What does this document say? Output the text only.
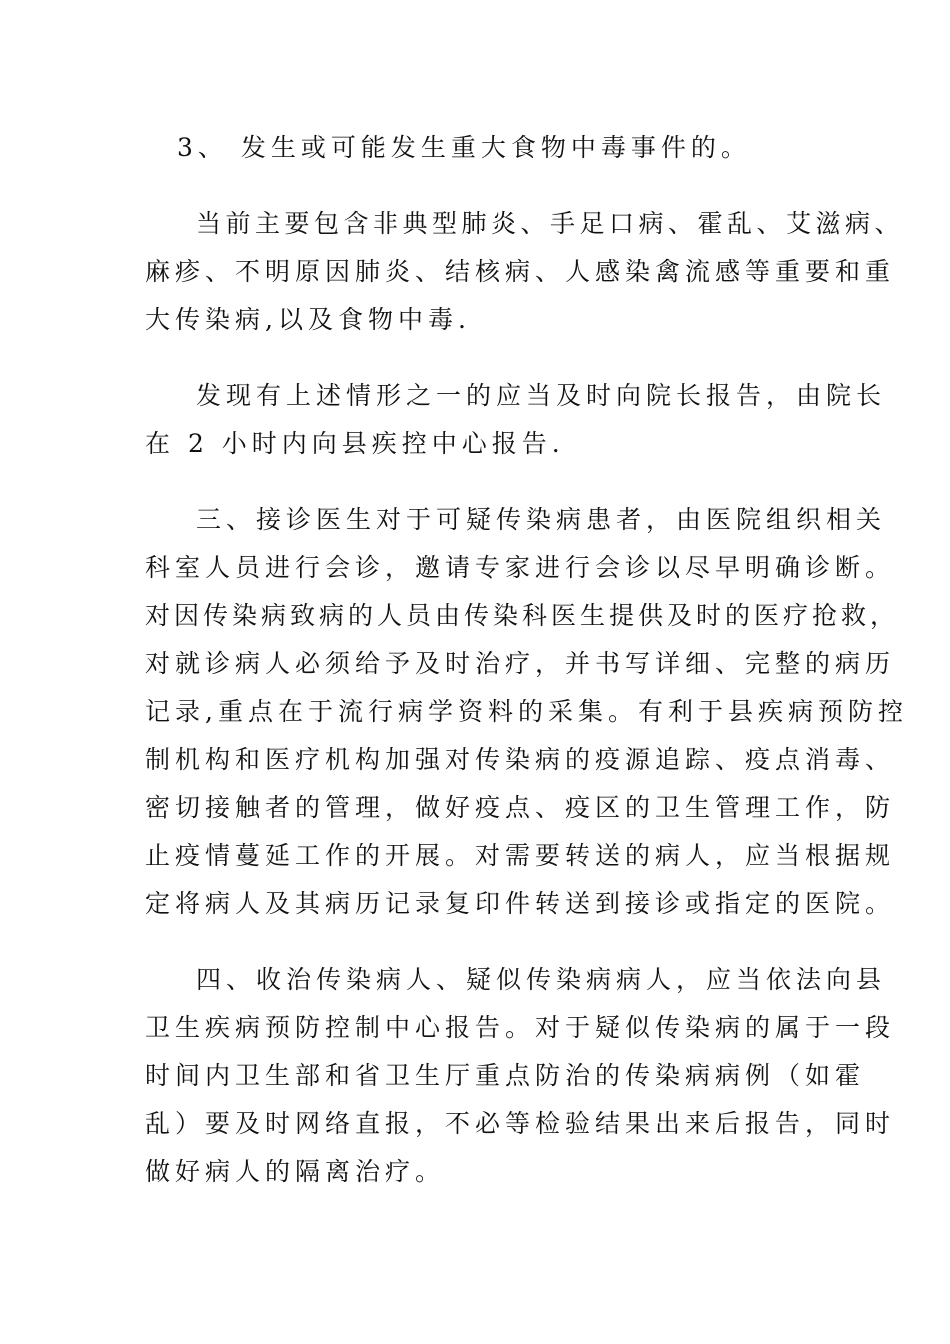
3、 发生或可能发生重大食物中毒事件的。

当前主要包含非典型肺炎、手足口病、霍乱、艾滋病、

麻疹、不明原因肺炎、结核病、人感染禽流感等重要和重

大传染病,以及食物中毒.

发现有上述情形之一的应当及时向院长报告，由院长

在 2 小时内向县疾控中心报告.

三、接诊医生对于可疑传染病患者，由医院组织相关

科室人员进行会诊，邀请专家进行会诊以尽早明确诊断。

对因传染病致病的人员由传染科医生提供及时的医疗抢救，

对就诊病人必须给予及时治疗，并书写详细、完整的病历

记录,重点在于流行病学资料的采集。有利于县疾病预防控

制机构和医疗机构加强对传染病的疫源追踪、疫点消毒、

密切接触者的管理，做好疫点、疫区的卫生管理工作，防

止疫情蔓延工作的开展。对需要转送的病人，应当根据规

定将病人及其病历记录复印件转送到接诊或指定的医院。

四、收治传染病人、疑似传染病病人，应当依法向县

卫生疾病预防控制中心报告。对于疑似传染病的属于一段

时间内卫生部和省卫生厅重点防治的传染病病例（如霍

乱）要及时网络直报，不必等检验结果出来后报告，同时

做好病人的隔离治疗。
